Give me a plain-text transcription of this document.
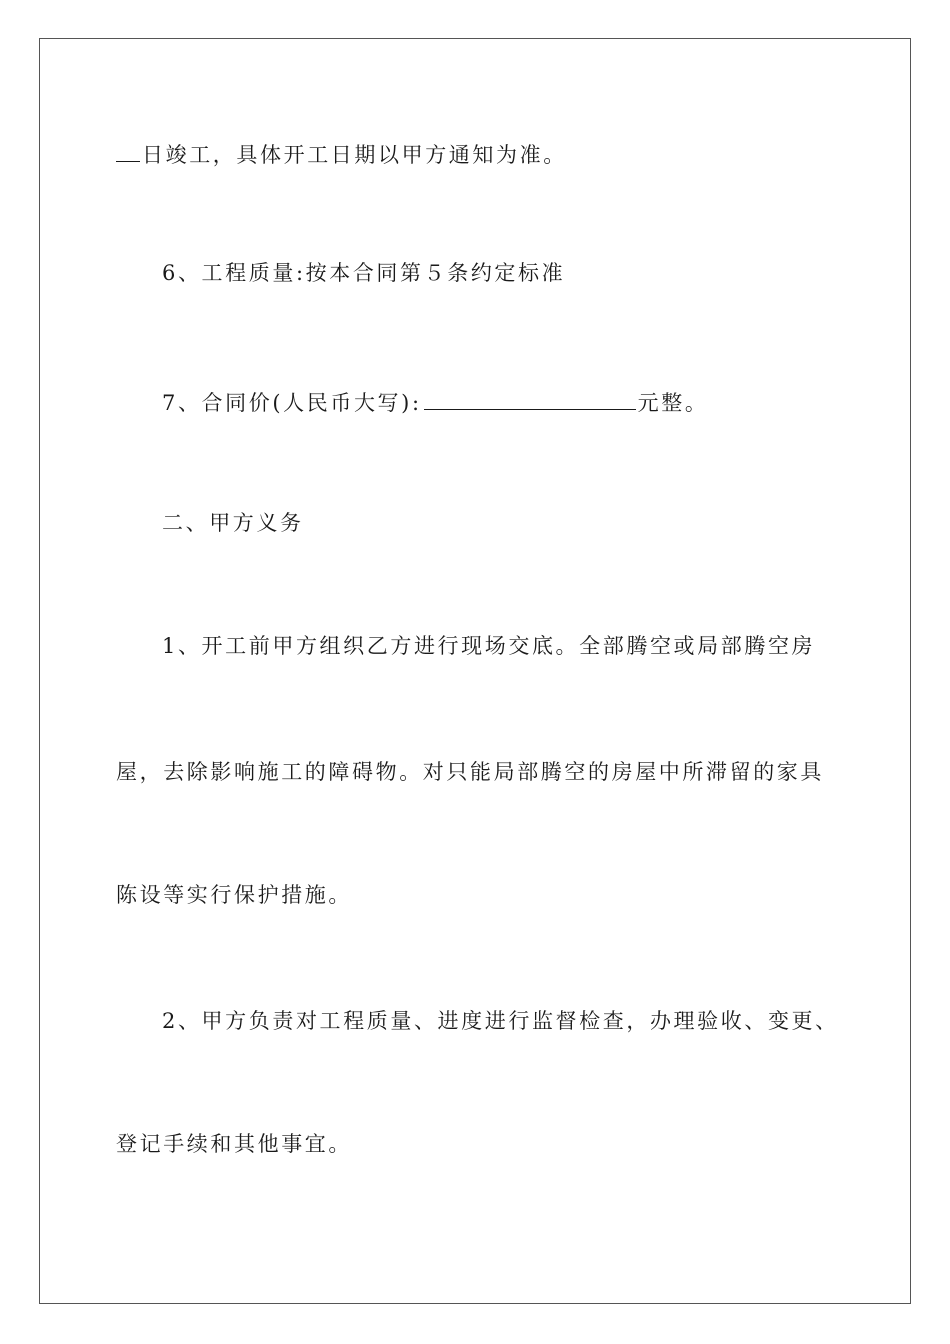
日竣工，具体开工日期以甲方通知为准。
6、工程质量:按本合同第５条约定标准
7、合同价(人民币大写):	元整。
二、甲方义务
1、开工前甲方组织乙方进行现场交底。全部腾空或局部腾空房
屋，去除影响施工的障碍物。对只能局部腾空的房屋中所滞留的家具
陈设等实行保护措施。
2、甲方负责对工程质量、进度进行监督检查，办理验收、变更、
登记手续和其他事宜。
